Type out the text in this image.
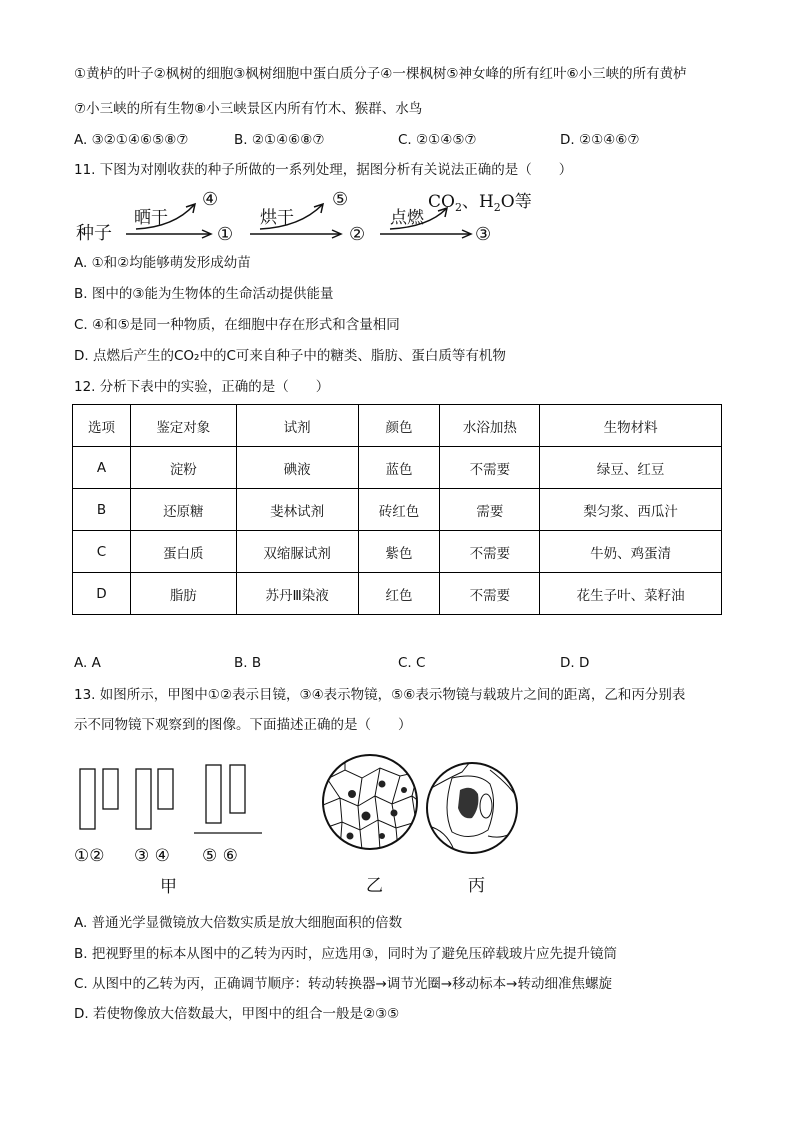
①黄栌的叶子②枫树的细胞③枫树细胞中蛋白质分子④一棵枫树⑤神女峰的所有红叶⑥小三峡的所有黄栌
⑦小三峡的所有生物⑧小三峡景区内所有竹木、猴群、水鸟
A. ③②①④⑥⑤⑧⑦	B. ②①④⑥⑧⑦	C. ②①④⑤⑦	D. ②①④⑥⑦
11. 下图为对刚收获的种子所做的一系列处理，据图分析有关说法正确的是（　　）
种子
晒干	烘干	点燃
①	②	③
④	⑤	$CO_2$、$H_2O$等
A. ①和②均能够萌发形成幼苗
B. 图中的③能为生物体的生命活动提供能量
C. ④和⑤是同一种物质，在细胞中存在形式和含量相同
D. 点燃后产生的CO₂中的C可来自种子中的糖类、脂肪、蛋白质等有机物
12. 分析下表中的实验，正确的是（　　）
选项	鉴定对象	试剂	颜色	水浴加热	生物材料
A	淀粉	碘液	蓝色	不需要	绿豆、红豆
B	还原糖	斐林试剂	砖红色	需要	梨匀浆、西瓜汁
C	蛋白质	双缩脲试剂	紫色	不需要	牛奶、鸡蛋清
D	脂肪	苏丹Ⅲ染液	红色	不需要	花生子叶、菜籽油
A. A	B. B	C. C	D. D
13. 如图所示，甲图中①②表示目镜，③④表示物镜，⑤⑥表示物镜与载玻片之间的距离，乙和丙分别表
示不同物镜下观察到的图像。下面描述正确的是（　　）
①② ③ ④ ⑤ ⑥
甲	乙	丙
A. 普通光学显微镜放大倍数实质是放大细胞面积的倍数
B. 把视野里的标本从图中的乙转为丙时，应选用③，同时为了避免压碎载玻片应先提升镜筒
C. 从图中的乙转为丙，正确调节顺序：转动转换器→调节光圈→移动标本→转动细准焦螺旋
D. 若使物像放大倍数最大，甲图中的组合一般是②③⑤
